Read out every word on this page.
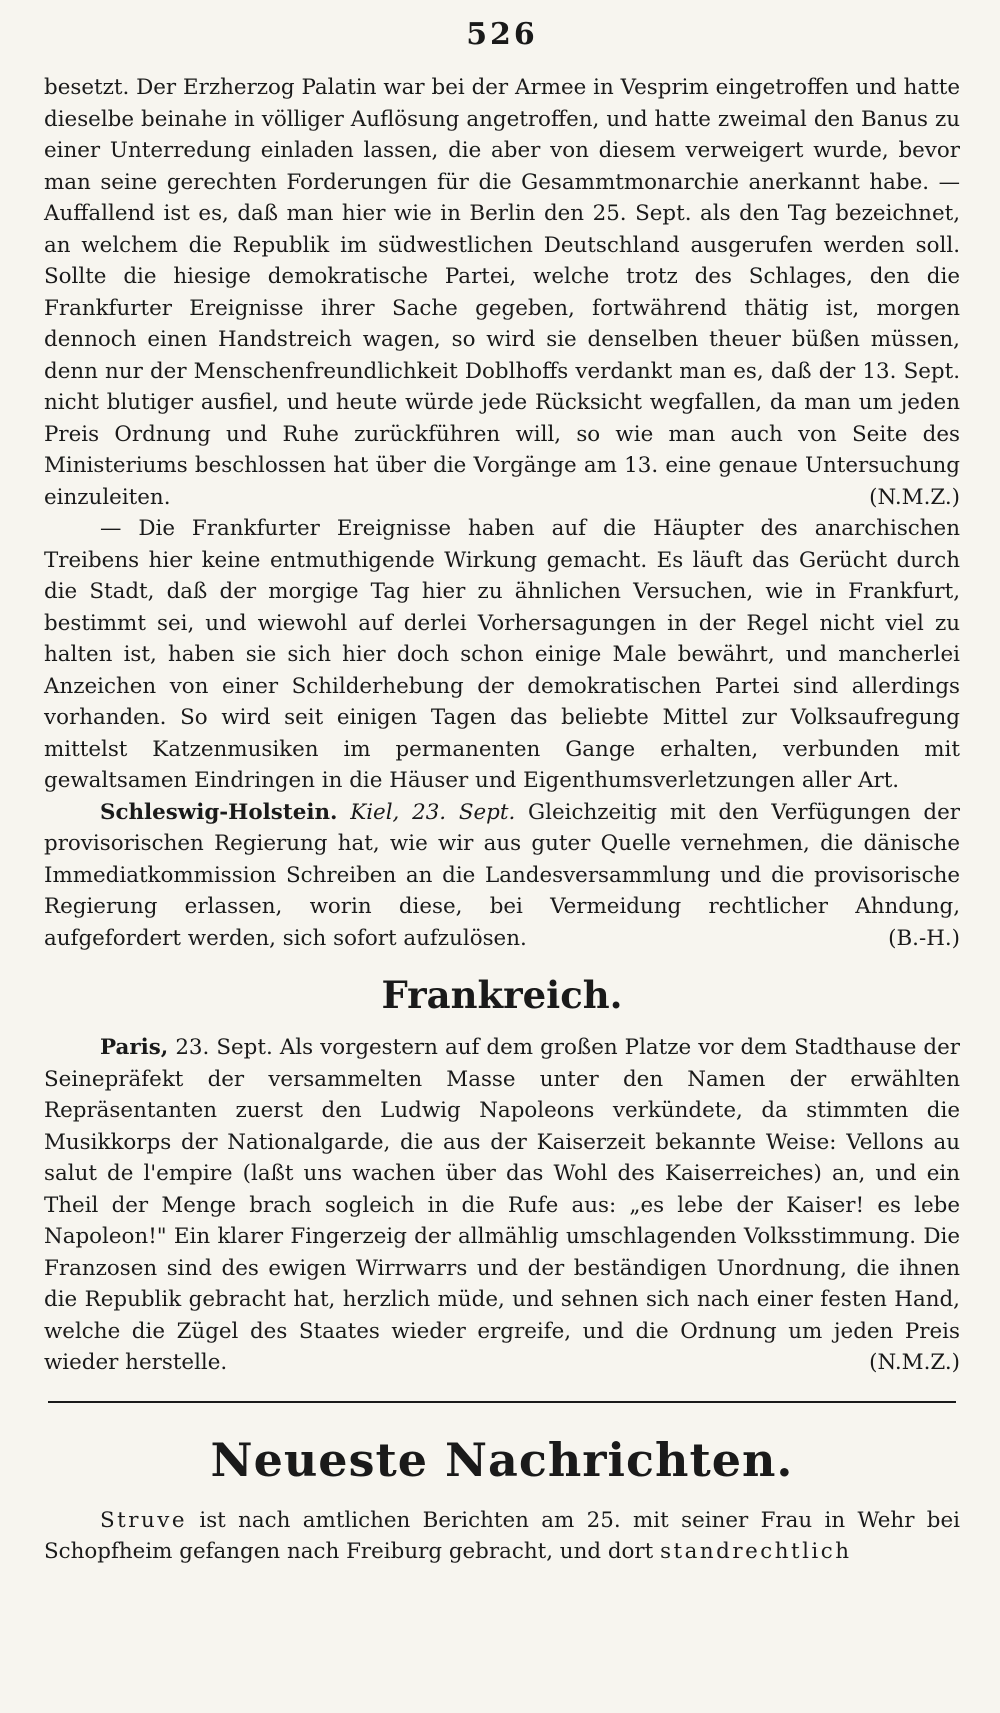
526

besetzt. Der Erzherzog Palatin war bei der Armee in Vesprim eingetroffen und hatte dieselbe beinahe in völliger Auflösung angetroffen, und hatte zweimal den Banus zu einer Unterredung einladen lassen, die aber von diesem verweigert wurde, bevor man seine gerechten Forderungen für die Gesammtmonarchie anerkannt habe. — Auffallend ist es, daß man hier wie in Berlin den 25. Sept. als den Tag bezeichnet, an welchem die Republik im südwestlichen Deutschland ausgerufen werden soll. Sollte die hiesige demokratische Partei, welche trotz des Schlages, den die Frankfurter Ereignisse ihrer Sache gegeben, fortwährend thätig ist, morgen dennoch einen Handstreich wagen, so wird sie denselben theuer büßen müssen, denn nur der Menschenfreundlichkeit Doblhoffs verdankt man es, daß der 13. Sept. nicht blutiger ausfiel, und heute würde jede Rücksicht wegfallen, da man um jeden Preis Ordnung und Ruhe zurückführen will, so wie man auch von Seite des Ministeriums beschlossen hat über die Vorgänge am 13. eine genaue Untersuchung einzuleiten.	(N.M.Z.)

— Die Frankfurter Ereignisse haben auf die Häupter des anarchischen Treibens hier keine entmuthigende Wirkung gemacht. Es läuft das Gerücht durch die Stadt, daß der morgige Tag hier zu ähnlichen Versuchen, wie in Frankfurt, bestimmt sei, und wiewohl auf derlei Vorhersagungen in der Regel nicht viel zu halten ist, haben sie sich hier doch schon einige Male bewährt, und mancherlei Anzeichen von einer Schilderhebung der demokratischen Partei sind allerdings vorhanden. So wird seit einigen Tagen das beliebte Mittel zur Volksaufregung mittelst Katzenmusiken im permanenten Gange erhalten, verbunden mit gewaltsamen Eindringen in die Häuser und Eigenthumsverletzungen aller Art.

Schleswig-Holstein. Kiel, 23. Sept. Gleichzeitig mit den Verfügungen der provisorischen Regierung hat, wie wir aus guter Quelle vernehmen, die dänische Immediatkommission Schreiben an die Landesversammlung und die provisorische Regierung erlassen, worin diese, bei Vermeidung rechtlicher Ahndung, aufgefordert werden, sich sofort aufzulösen.	(B.-H.)

Frankreich.

Paris, 23. Sept. Als vorgestern auf dem großen Platze vor dem Stadthause der Seinepräfekt der versammelten Masse unter den Namen der erwählten Repräsentanten zuerst den Ludwig Napoleons verkündete, da stimmten die Musikkorps der Nationalgarde, die aus der Kaiserzeit bekannte Weise: Vellons au salut de l'empire (laßt uns wachen über das Wohl des Kaiserreiches) an, und ein Theil der Menge brach sogleich in die Rufe aus: „es lebe der Kaiser! es lebe Napoleon!" Ein klarer Fingerzeig der allmählig umschlagenden Volksstimmung. Die Franzosen sind des ewigen Wirrwarrs und der beständigen Unordnung, die ihnen die Republik gebracht hat, herzlich müde, und sehnen sich nach einer festen Hand, welche die Zügel des Staates wieder ergreife, und die Ordnung um jeden Preis wieder herstelle.	(N.M.Z.)

Neueste Nachrichten.

Struve ist nach amtlichen Berichten am 25. mit seiner Frau in Wehr bei Schopfheim gefangen nach Freiburg gebracht, und dort standrechtlich
